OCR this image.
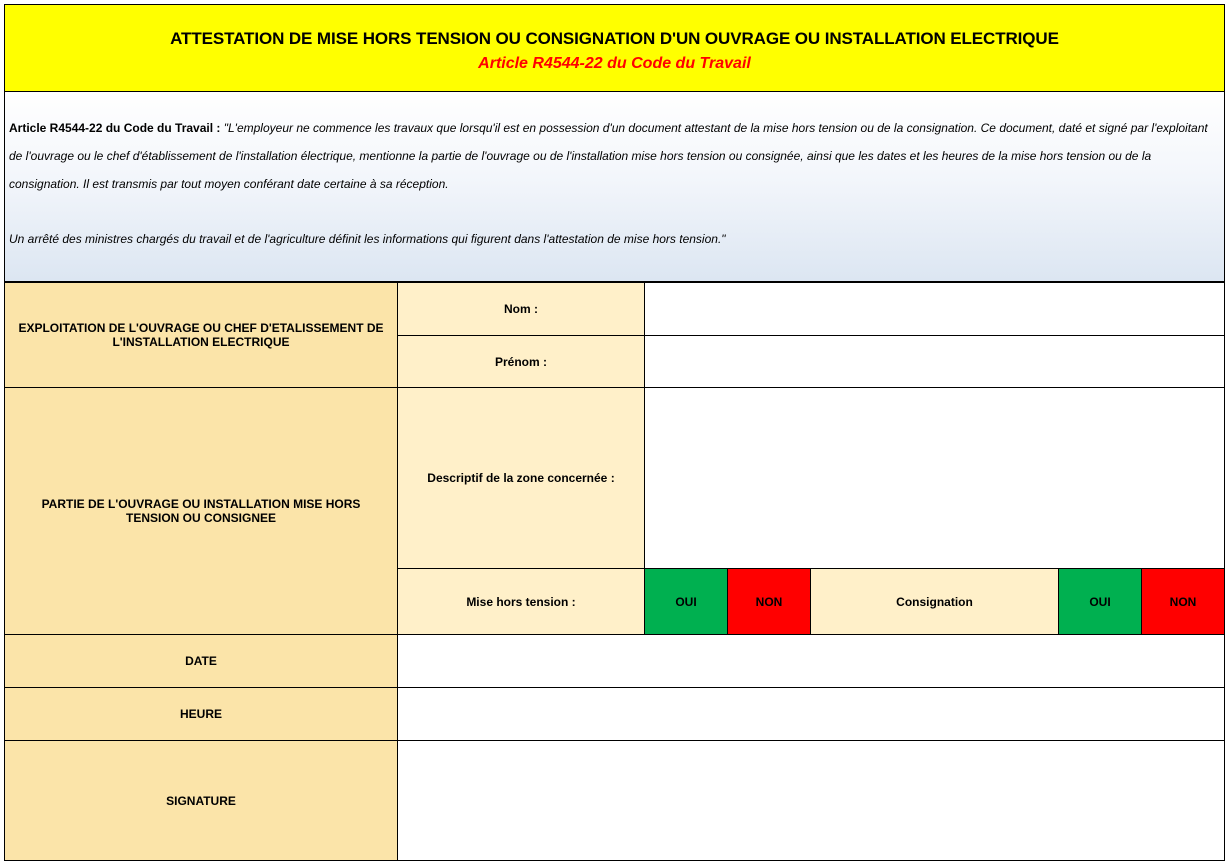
ATTESTATION DE MISE HORS TENSION OU CONSIGNATION D'UN OUVRAGE OU INSTALLATION ELECTRIQUE
Article R4544-22 du Code du Travail

Article R4544-22 du Code du Travail : "L'employeur ne commence les travaux que lorsqu'il est en possession d'un document attestant de la mise hors tension ou de la consignation. Ce document, daté et signé par l'exploitant de l'ouvrage ou le chef d'établissement de l'installation électrique, mentionne la partie de l'ouvrage ou de l'installation mise hors tension ou consignée, ainsi que les dates et les heures de la mise hors tension ou de la consignation. Il est transmis par tout moyen conférant date certaine à sa réception.

Un arrêté des ministres chargés du travail et de l'agriculture définit les informations qui figurent dans l'attestation de mise hors tension."

EXPLOITATION DE L'OUVRAGE OU CHEF D'ETALISSEMENT DE L'INSTALLATION ELECTRIQUE
Nom :
Prénom :
PARTIE DE L'OUVRAGE OU INSTALLATION MISE HORS TENSION OU CONSIGNEE
Descriptif de la zone concernée :
Mise hors tension :	OUI	NON	Consignation	OUI	NON
DATE
HEURE
SIGNATURE
